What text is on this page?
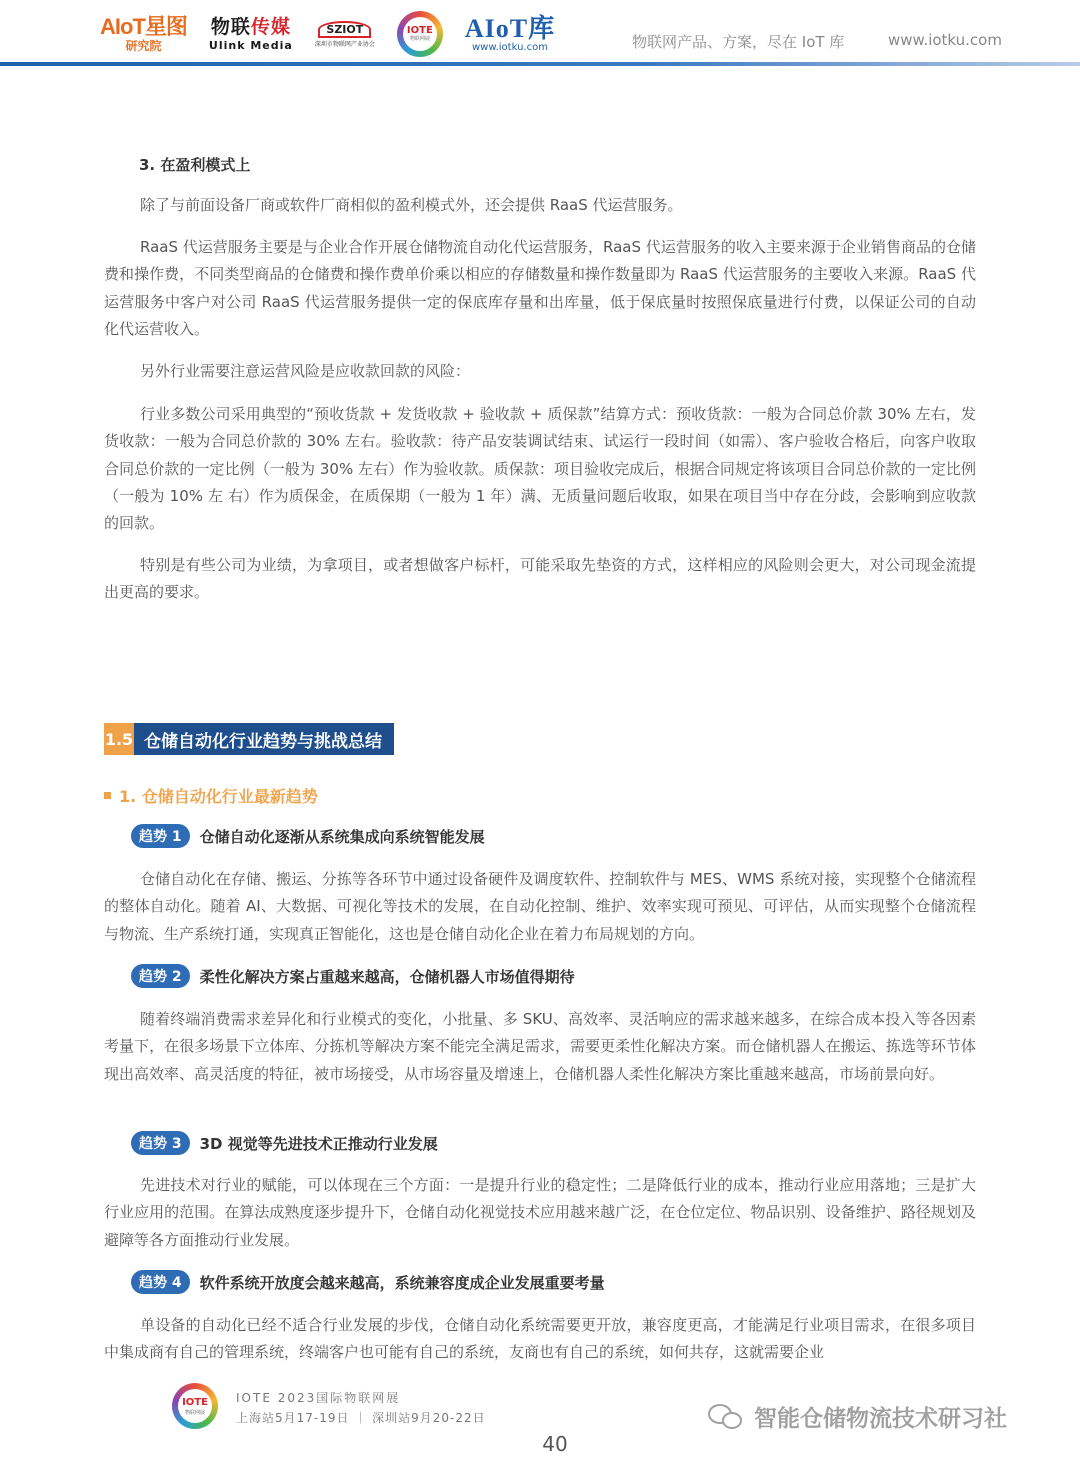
AIoT星图
研究院
物联传媒
Ulink Media
SZIOT
深圳市物联网产业协会
IOTE
物联网展 AIoT库
www.iotku.com	物联网产品、方案，尽在 IoT 库	www.iotku.com
3. 在盈利模式上

除了与前面设备厂商或软件厂商相似的盈利模式外，还会提供 RaaS 代运营服务。

RaaS 代运营服务主要是与企业合作开展仓储物流自动化代运营服务，RaaS 代运营服务的收入主要来源于企业销售商品的仓储费和操作费，不同类型商品的仓储费和操作费单价乘以相应的存储数量和操作数量即为 RaaS 代运营服务的主要收入来源。RaaS 代运营服务中客户对公司 RaaS 代运营服务提供一定的保底库存量和出库量，低于保底量时按照保底量进行付费，以保证公司的自动化代运营收入。

另外行业需要注意运营风险是应收款回款的风险：

行业多数公司采用典型的“预收货款 + 发货收款 + 验收款 + 质保款”结算方式：预收货款：一般为合同总价款 30% 左右，发货收款：一般为合同总价款的 30% 左右。验收款：待产品安装调试结束、试运行一段时间（如需）、客户验收合格后，向客户收取合同总价款的一定比例（一般为 30% 左右）作为验收款。质保款：项目验收完成后，根据合同规定将该项目合同总价款的一定比例（一般为 10% 左 右）作为质保金，在质保期（一般为 1 年）满、无质量问题后收取，如果在项目当中存在分歧，会影响到应收款的回款。

特别是有些公司为业绩，为拿项目，或者想做客户标杆，可能采取先垫资的方式，这样相应的风险则会更大，对公司现金流提出更高的要求。

1.5 仓储自动化行业趋势与挑战总结
1. 仓储自动化行业最新趋势
趋势 1	仓储自动化逐渐从系统集成向系统智能发展

仓储自动化在存储、搬运、分拣等各环节中通过设备硬件及调度软件、控制软件与 MES、WMS 系统对接，实现整个仓储流程的整体自动化。随着 AI、大数据、可视化等技术的发展，在自动化控制、维护、效率实现可预见、可评估，从而实现整个仓储流程与物流、生产系统打通，实现真正智能化，这也是仓储自动化企业在着力布局规划的方向。

趋势 2	柔性化解决方案占重越来越高，仓储机器人市场值得期待

随着终端消费需求差异化和行业模式的变化，小批量、多 SKU、高效率、灵活响应的需求越来越多，在综合成本投入等各因素考量下，在很多场景下立体库、分拣机等解决方案不能完全满足需求，需要更柔性化解决方案。而仓储机器人在搬运、拣选等环节体现出高效率、高灵活度的特征，被市场接受，从市场容量及增速上，仓储机器人柔性化解决方案比重越来越高，市场前景向好。

趋势 3	3D 视觉等先进技术正推动行业发展

先进技术对行业的赋能，可以体现在三个方面：一是提升行业的稳定性；二是降低行业的成本，推动行业应用落地；三是扩大行业应用的范围。在算法成熟度逐步提升下，仓储自动化视觉技术应用越来越广泛，在仓位定位、物品识别、设备维护、路径规划及避障等各方面推动行业发展。

趋势 4	软件系统开放度会越来越高，系统兼容度成企业发展重要考量

单设备的自动化已经不适合行业发展的步伐，仓储自动化系统需要更开放，兼容度更高，才能满足行业项目需求，在很多项目中集成商有自己的管理系统，终端客户也可能有自己的系统，友商也有自己的系统，如何共存，这就需要企业

IOTE
物联网展
IOTE 2023国际物联网展
上海站5月17-19日 ｜ 深圳站9月20-22日	智能仓储物流技术研习社
40
